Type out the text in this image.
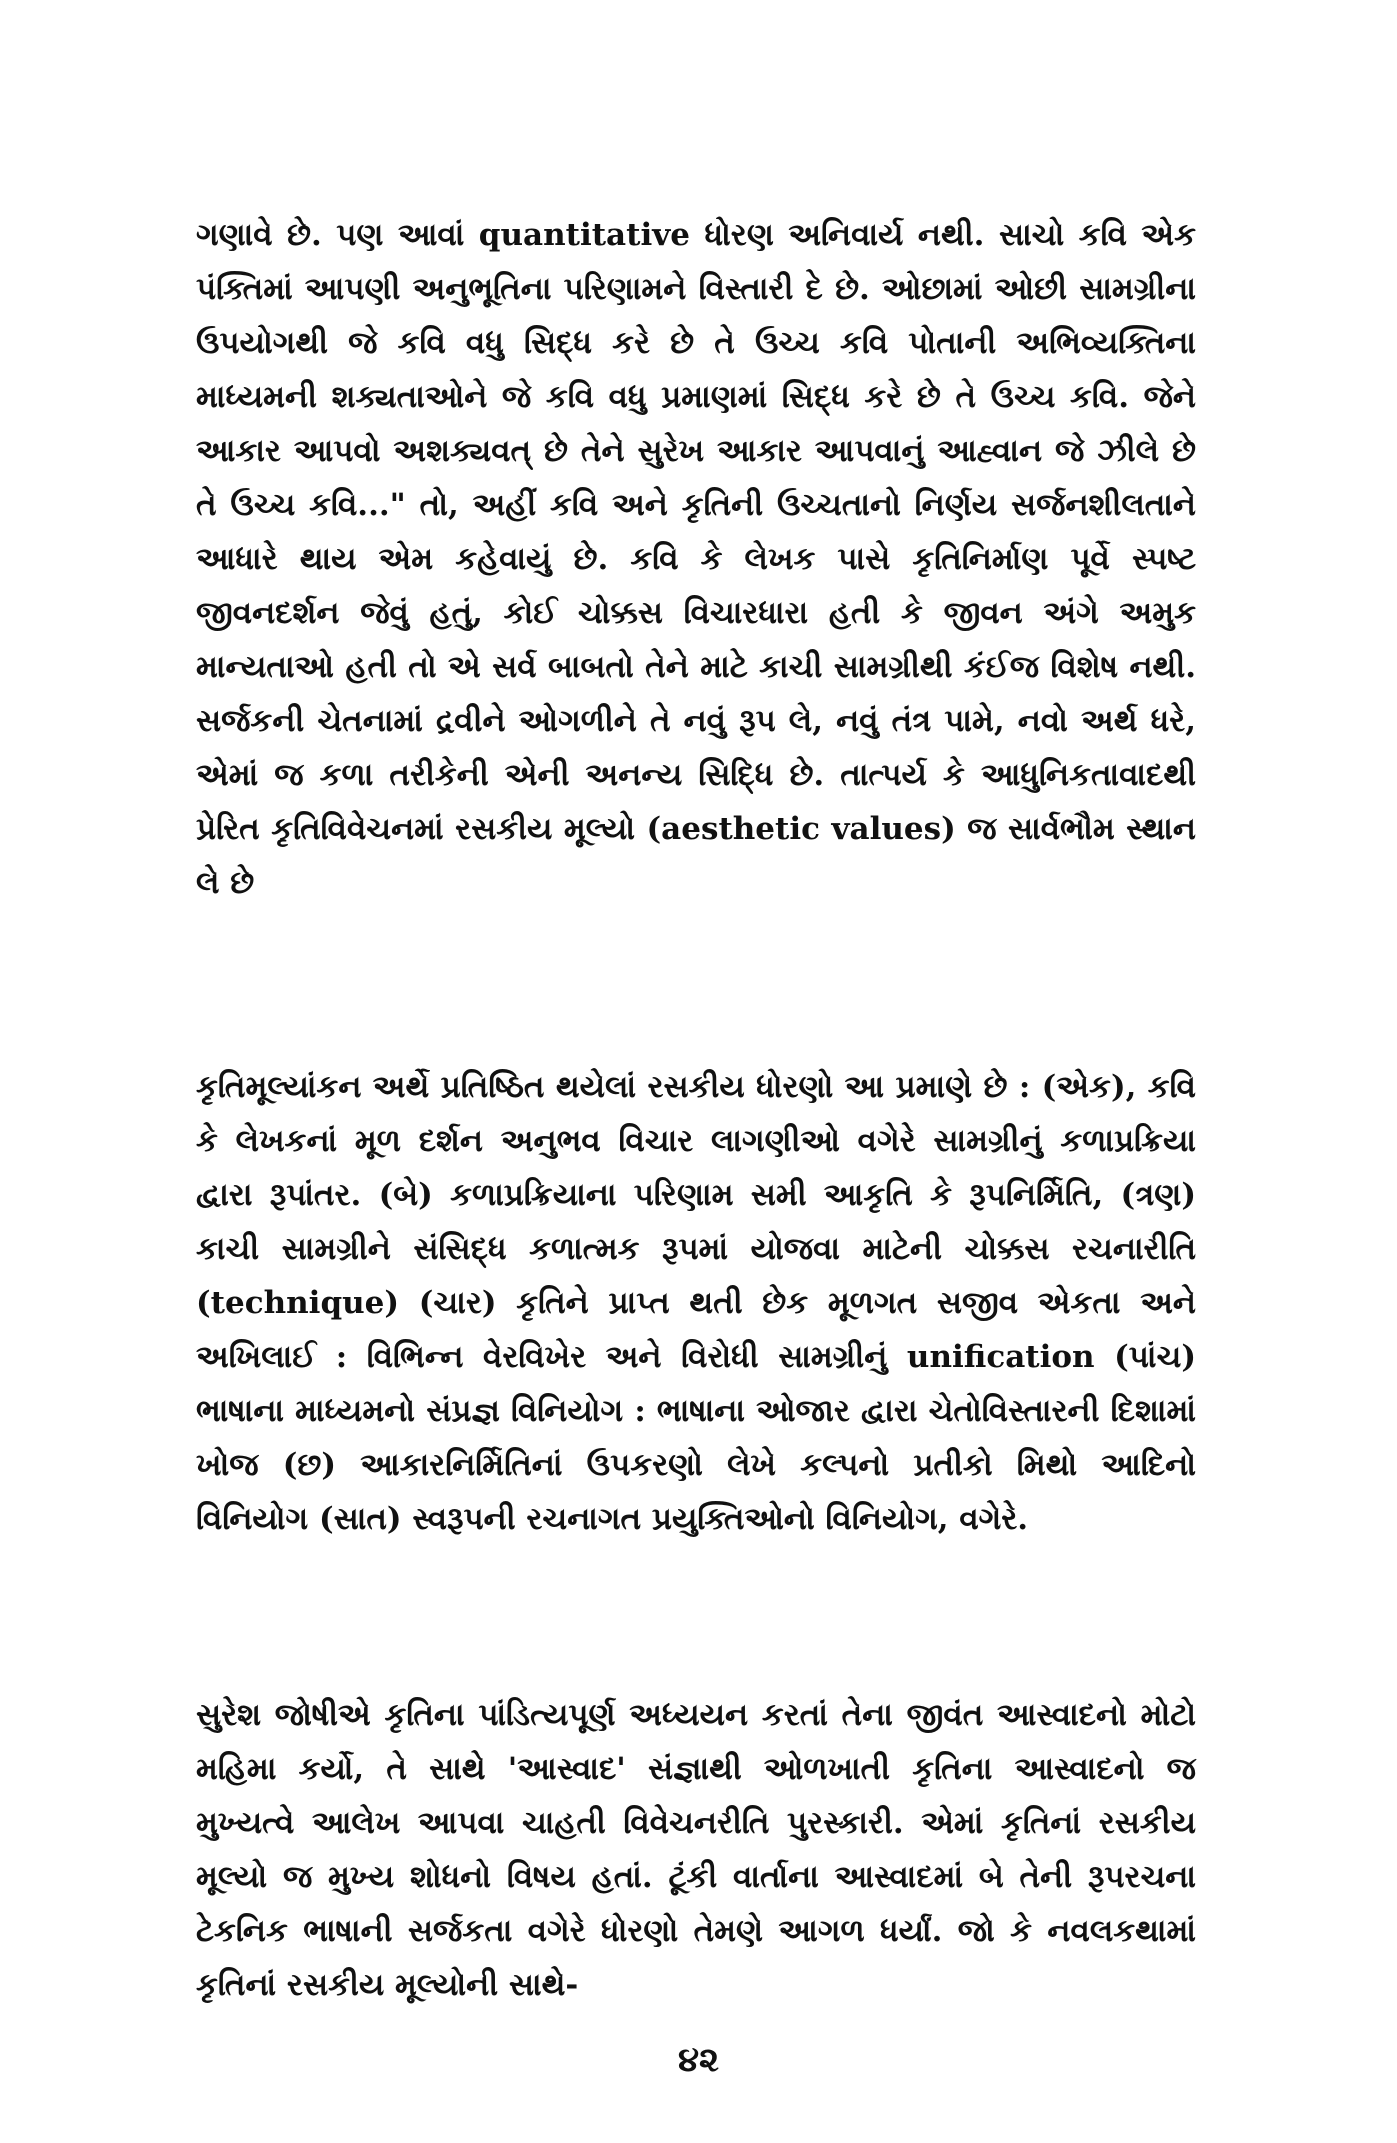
ગણાવે છે. પણ આવાં quantitative ધોરણ અનિવાર્ય નથી. સાચો કવિ એક પંક્તિમાં આપણી અનુભૂતિના પરિણામને વિસ્તારી દે છે. ઓછામાં ઓછી સામગ્રીના ઉપયોગથી જે કવિ વધુ સિદ્ધ કરે છે તે ઉચ્ચ કવિ પોતાની અભિવ્યક્તિના માધ્યમની શક્યતાઓને જે કવિ વધુ પ્રમાણમાં સિદ્ધ કરે છે તે ઉચ્ચ કવિ. જેને આકાર આપવો અશક્યવત્ છે તેને સુરેખ આકાર આપવાનું આહ્વાન જે ઝીલે છે તે ઉચ્ચ કવિ..." તો, અહીં કવિ અને કૃતિની ઉચ્ચતાનો નિર્ણય સર્જનશીલતાને આધારે થાય એમ કહેવાયું છે. કવિ કે લેખક પાસે કૃતિનિર્માણ પૂર્વે સ્પષ્ટ જીવનદર્શન જેવું હતું, કોઈ ચોક્કસ વિચારધારા હતી કે જીવન અંગે અમુક માન્યતાઓ હતી તો એ સર્વ બાબતો તેને માટે કાચી સામગ્રીથી કંઈજ વિશેષ નથી. સર્જકની ચેતનામાં દ્રવીને ઓગળીને તે નવું રૂપ લે, નવું તંત્ર પામે, નવો અર્થ ધરે, એમાં જ કળા તરીકેની એની અનન્ય સિદ્ધિ છે. તાત્પર્ય કે આધુનિકતાવાદથી પ્રેરિત કૃતિવિવેચનમાં રસકીય મૂલ્યો (aesthetic values) જ સાર્વભૌમ સ્થાન લે છે

કૃતિમૂલ્યાંકન અર્થે પ્રતિષ્ઠિત થયેલાં રસકીય ધોરણો આ પ્રમાણે છે : (એક), કવિ કે લેખકનાં મૂળ દર્શન અનુભવ વિચાર લાગણીઓ વગેરે સામગ્રીનું કળાપ્રક્રિયા દ્વારા રૂપાંતર. (બે) કળાપ્રક્રિયાના પરિણામ સમી આકૃતિ કે રૂપનિર્મિતિ, (ત્રણ) કાચી સામગ્રીને સંસિદ્ધ કળાત્મક રૂપમાં યોજવા માટેની ચોક્કસ રચનારીતિ (technique) (ચાર) કૃતિને પ્રાપ્ત થતી છેક મૂળગત સજીવ એકતા અને અખિલાઈ : વિભિન્ન વેરવિખેર અને વિરોધી સામગ્રીનું unification (પાંચ) ભાષાના માધ્યમનો સંપ્રજ્ઞ વિનિયોગ : ભાષાના ઓજાર દ્વારા ચેતોવિસ્તારની દિશામાં ખોજ (છ) આકારનિર્મિતિનાં ઉપકરણો લેખે કલ્પનો પ્રતીકો મિથો આદિનો વિનિયોગ (સાત) સ્વરૂપની રચનાગત પ્રયુક્તિઓનો વિનિયોગ, વગેરે.

સુરેશ જોષીએ કૃતિના પાંડિત્યપૂર્ણ અધ્યયન કરતાં તેના જીવંત આસ્વાદનો મોટો મહિમા કર્યો, તે સાથે 'આસ્વાદ' સંજ્ઞાથી ઓળખાતી કૃતિના આસ્વાદનો જ મુખ્યત્વે આલેખ આપવા ચાહતી વિવેચનરીતિ પુરસ્કારી. એમાં કૃતિનાં રસકીય મૂલ્યો જ મુખ્ય શોધનો વિષય હતાં. ટૂંકી વાર્તાના આસ્વાદમાં બે તેની રૂપરચના ટેકનિક ભાષાની સર્જકતા વગેરે ધોરણો તેમણે આગળ ધર્યાં. જો કે નવલકથામાં કૃતિનાં રસકીય મૂલ્યોની સાથે-

૪૨
